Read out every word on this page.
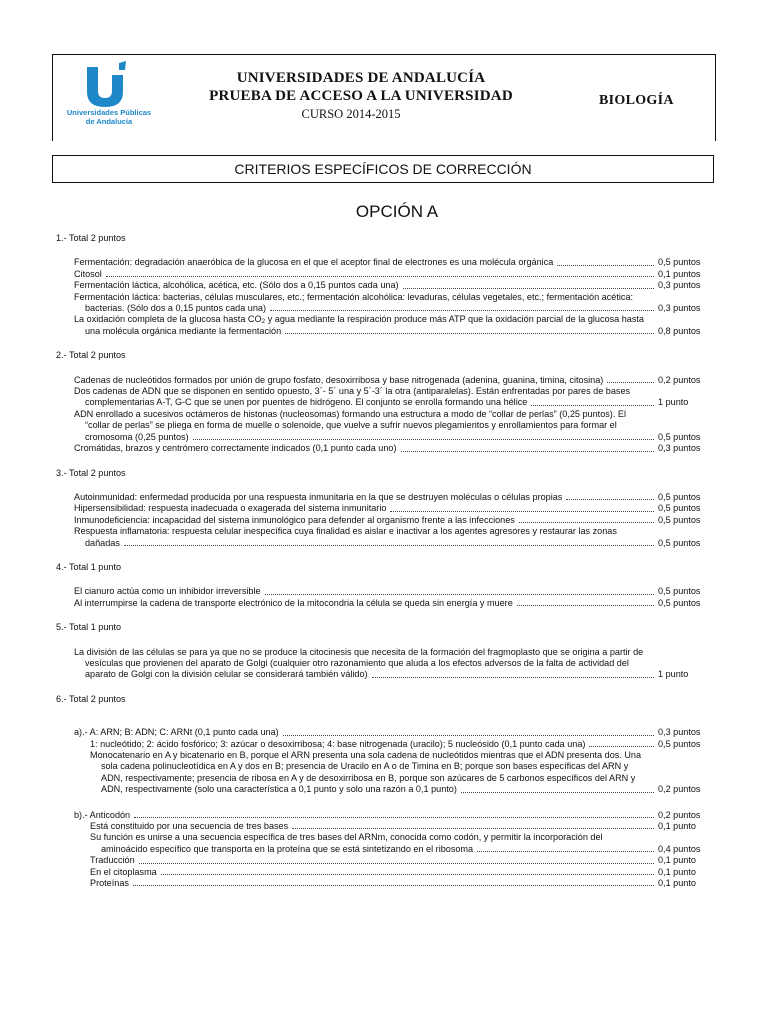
Universidades Públicas
de Andalucía
UNIVERSIDADES DE ANDALUCÍA
PRUEBA DE ACCESO A LA UNIVERSIDAD
CURSO 2014-2015
BIOLOGÍA
CRITERIOS ESPECÍFICOS DE CORRECCIÓN
OPCIÓN A
1.- Total 2 puntos
Fermentación: degradación anaeróbica de la glucosa en el que el aceptor final de electrones es una molécula orgánica	0,5 puntos
Citosol	0,1 puntos
Fermentación láctica, alcohólica, acética, etc. (Sólo dos a 0,15 puntos cada una)	0,3 puntos
Fermentación láctica: bacterias, células musculares, etc.; fermentación alcohólica: levaduras, células vegetales, etc.; fermentación acética:
bacterias. (Sólo dos a 0,15 puntos cada una)	0,3 puntos
La oxidación completa de la glucosa hasta $CO_2$ y agua mediante la respiración produce más ATP que la oxidación parcial de la glucosa hasta
una molécula orgánica mediante la fermentación	0,8 puntos
2.- Total 2 puntos
Cadenas de nucleótidos formados por unión de grupo fosfato, desoxirribosa y base nitrogenada (adenina, guanina, timina, citosina)	0,2 puntos
Dos cadenas de ADN que se disponen en sentido opuesto, 3´- 5´ una y 5´-3´ la otra (antiparalelas). Están enfrentadas por pares de bases
complementarias A-T, G-C que se unen por puentes de hidrógeno. El conjunto se enrolla formando una hélice	1 punto
ADN enrollado a sucesivos octámeros de histonas (nucleosomas) formando una estructura a modo de “collar de perlas” (0,25 puntos). El
“collar de perlas” se pliega en forma de muelle o solenoide, que vuelve a sufrir nuevos plegamientos y enrollamientos para formar el
cromosoma (0,25 puntos)	0,5 puntos
Cromátidas, brazos y centrómero correctamente indicados (0,1 punto cada uno)	0,3 puntos
3.- Total 2 puntos
Autoinmunidad: enfermedad producida por una respuesta inmunitaria en la que se destruyen moléculas o células propias	0,5 puntos
Hipersensibilidad: respuesta inadecuada o exagerada del sistema inmunitario	0,5 puntos
Inmunodeficiencia: incapacidad del sistema inmunológico para defender al organismo frente a las infecciones	0,5 puntos
Respuesta inflamatoria: respuesta celular inespecífica cuya finalidad es aislar e inactivar a los agentes agresores y restaurar las zonas
dañadas	0,5 puntos
4.- Total 1 punto
El cianuro actúa como un inhibidor irreversible	0,5 puntos
Al interrumpirse la cadena de transporte electrónico de la mitocondria la célula se queda sin energía y muere	0,5 puntos
5.- Total 1 punto
La división de las células se para ya que no se produce la citocinesis que necesita de la formación del fragmoplasto que se origina a partir de
vesículas que provienen del aparato de Golgi (cualquier otro razonamiento que aluda a los efectos adversos de la falta de actividad del
aparato de Golgi con la división celular se considerará también válido)	1 punto
6.- Total 2 puntos
a).- A: ARN; B: ADN; C: ARNt (0,1 punto cada una)	0,3 puntos
1: nucleótido; 2: ácido fosfórico; 3: azúcar o desoxirribosa; 4: base nitrogenada (uracilo); 5 nucleósido (0,1 punto cada una)	0,5 puntos
Monocatenario en A y bicatenario en B, porque el ARN presenta una sola cadena de nucleótidos mientras que el ADN presenta dos. Una
sola cadena polinucleotídica en A y dos en B; presencia de Uracilo en A o de Timina en B; porque son bases específicas del ARN y
ADN, respectivamente; presencia de ribosa en A y de desoxirribosa en B, porque son azúcares de 5 carbonos específicos del ARN y
ADN, respectivamente (solo una característica a 0,1 punto y solo una razón a 0,1 punto)	0,2 puntos
b).- Anticodón	0,2 puntos
Está constituido por una secuencia de tres bases	0,1 punto
Su función es unirse a una secuencia específica de tres bases del ARNm, conocida como codón, y permitir la incorporación del
aminoácido específico que transporta en la proteína que se está sintetizando en el ribosoma	0,4 puntos
Traducción	0,1 punto
En el citoplasma	0,1 punto
Proteínas	0,1 punto
